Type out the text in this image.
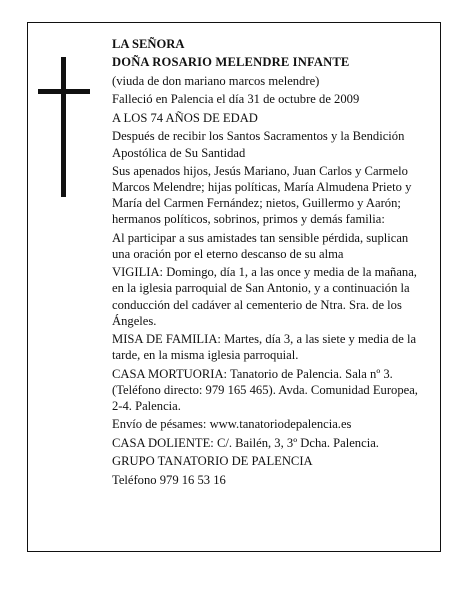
LA SEÑORA

DOÑA ROSARIO MELENDRE INFANTE

(viuda de don mariano marcos melendre)

Falleció en Palencia el día 31 de octubre de 2009

A LOS 74 AÑOS DE EDAD

Después de recibir los Santos Sacramentos y la Bendición Apostólica de Su Santidad

Sus apenados hijos, Jesús Mariano, Juan Carlos y Carmelo Marcos Melendre; hijas políticas, María Almudena Prieto y María del Carmen Fernández; nietos, Guillermo y Aarón; hermanos políticos, sobrinos, primos y demás familia:

Al participar a sus amistades tan sensible pérdida, suplican una oración por el eterno descanso de su alma

VIGILIA: Domingo, día 1, a las once y media de la mañana, en la iglesia parroquial de San Antonio, y a continuación la conducción del cadáver al cementerio de Ntra. Sra. de los Ángeles.

MISA DE FAMILIA: Martes, día 3, a las siete y media de la tarde, en la misma iglesia parroquial.

CASA MORTUORIA: Tanatorio de Palencia. Sala nº 3. (Teléfono directo: 979 165 465). Avda. Comunidad Europea, 2-4. Palencia.

Envío de pésames: www.tanatoriodepalencia.es

CASA DOLIENTE: C/. Bailén, 3, 3º Dcha. Palencia.

GRUPO TANATORIO DE PALENCIA

Teléfono 979 16 53 16
